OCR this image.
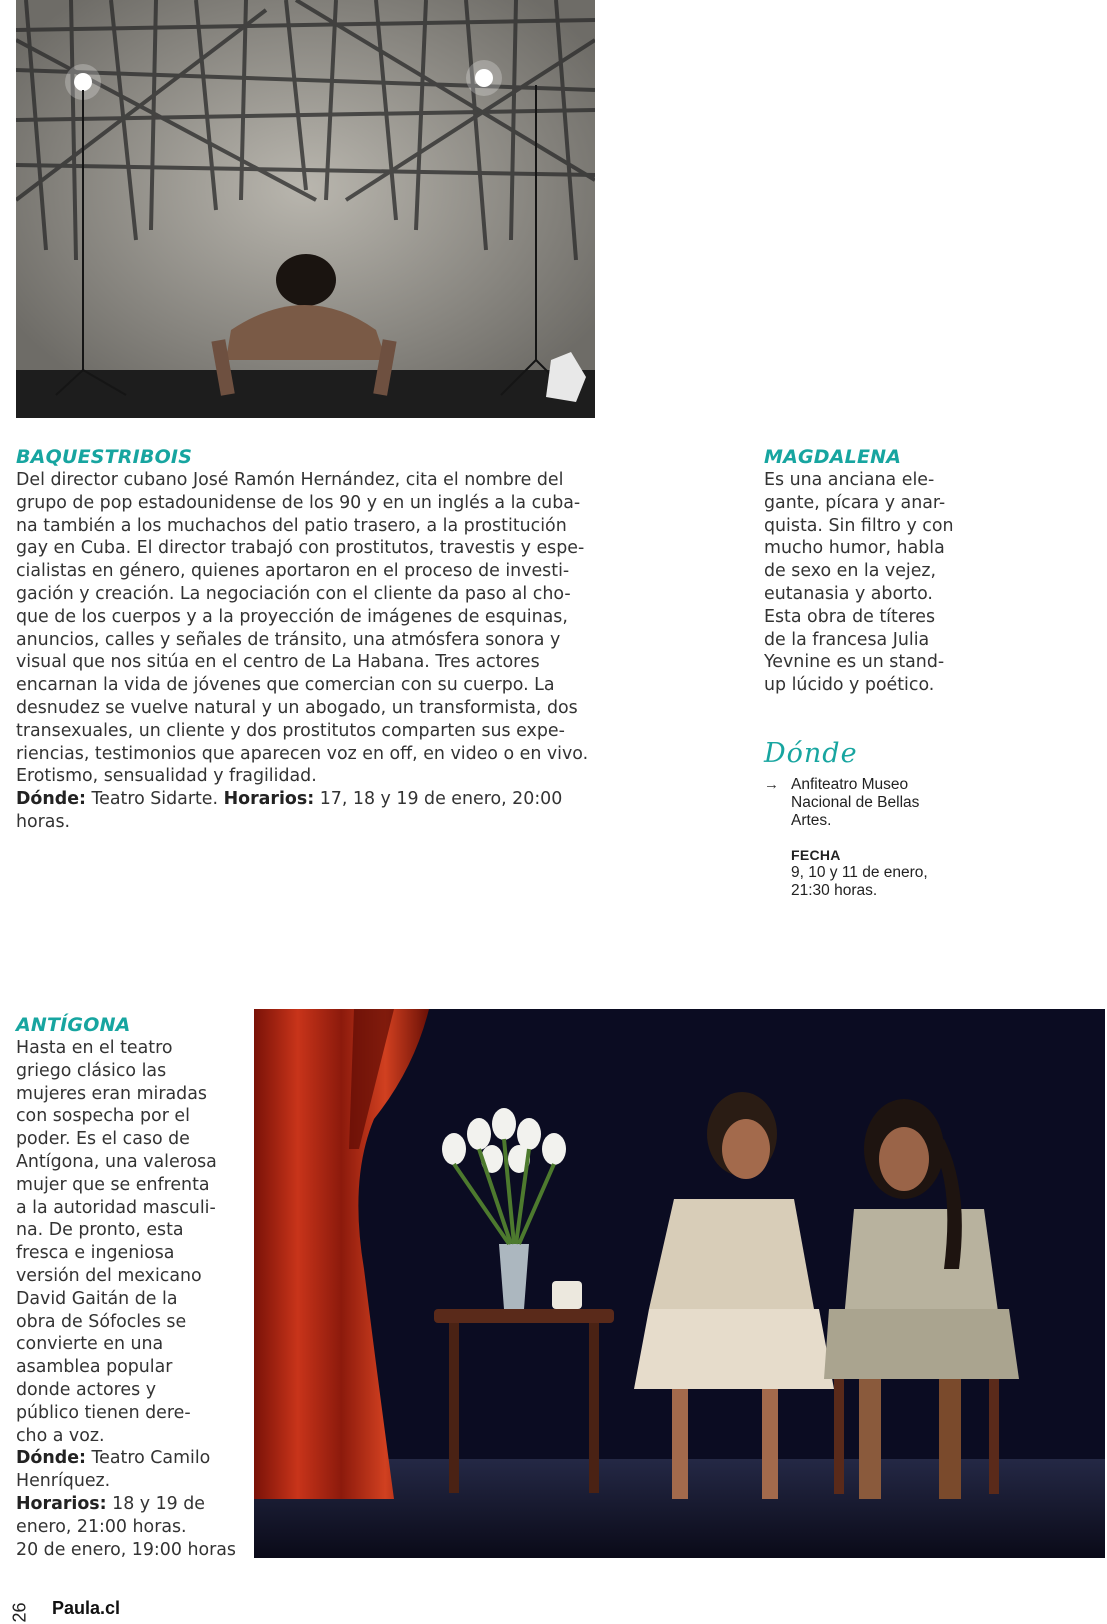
BAQUESTRIBOIS
Del director cubano José Ramón Hernández, cita el nombre del
grupo de pop estadounidense de los 90 y en un inglés a la cuba-
na también a los muchachos del patio trasero, a la prostitución
gay en Cuba. El director trabajó con prostitutos, travestis y espe-
cialistas en género, quienes aportaron en el proceso de investi-
gación y creación. La negociación con el cliente da paso al cho-
que de los cuerpos y a la proyección de imágenes de esquinas,
anuncios, calles y señales de tránsito, una atmósfera sonora y
visual que nos sitúa en el centro de La Habana. Tres actores
encarnan la vida de jóvenes que comercian con su cuerpo. La
desnudez se vuelve natural y un abogado, un transformista, dos
transexuales, un cliente y dos prostitutos comparten sus expe-
riencias, testimonios que aparecen voz en off, en video o en vivo.
Erotismo, sensualidad y fragilidad.
Dónde: Teatro Sidarte. Horarios: 17, 18 y 19 de enero, 20:00 horas.
MAGDALENA
Es una anciana ele-
gante, pícara y anar-
quista. Sin filtro y con
mucho humor, habla
de sexo en la vejez,
eutanasia y aborto.
Esta obra de títeres
de la francesa Julia
Yevnine es un stand-
up lúcido y poético.
Dónde
→ Anfiteatro Museo
Nacional de Bellas
Artes.
FECHA
9, 10 y 11 de enero,
21:30 horas.
ANTÍGONA
Hasta en el teatro
griego clásico las
mujeres eran miradas
con sospecha por el
poder. Es el caso de
Antígona, una valerosa
mujer que se enfrenta
a la autoridad masculi-
na. De pronto, esta
fresca e ingeniosa
versión del mexicano
David Gaitán de la
obra de Sófocles se
convierte en una
asamblea popular
donde actores y
público tienen dere-
cho a voz.
Dónde: Teatro Camilo
Henríquez.
Horarios: 18 y 19 de
enero, 21:00 horas.
20 de enero, 19:00 horas
26 Paula.cl
